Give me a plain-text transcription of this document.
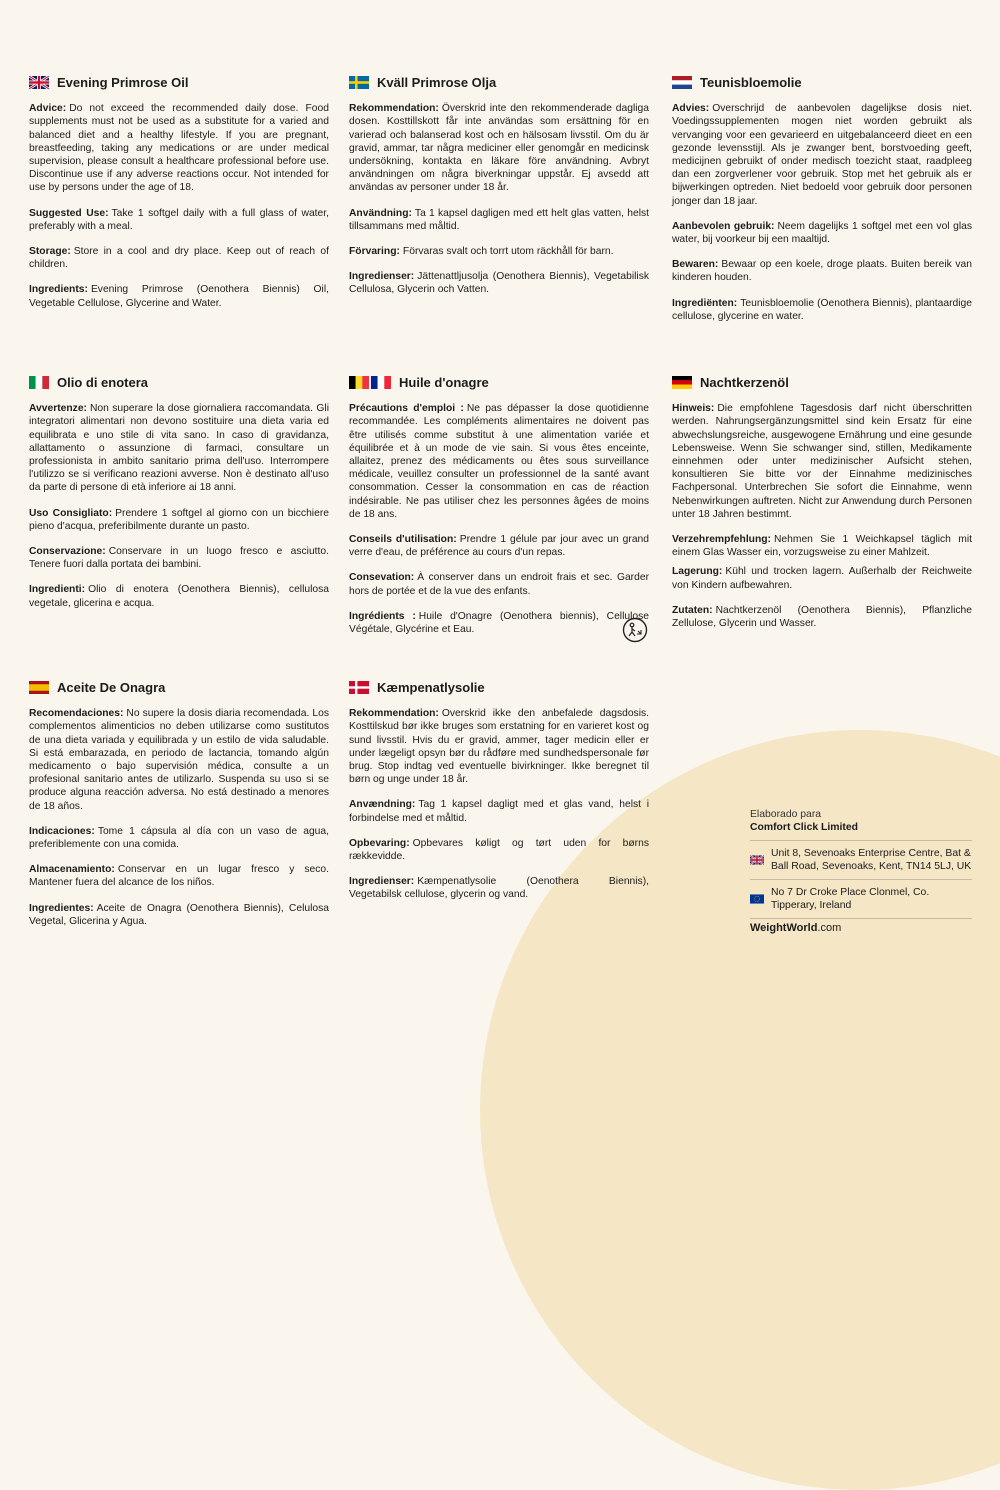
Evening Primrose Oil

Advice: Do not exceed the recommended daily dose. Food supplements must not be used as a substitute for a varied and balanced diet and a healthy lifestyle. If you are pregnant, breastfeeding, taking any medications or are under medical supervision, please consult a healthcare professional before use. Discontinue use if any adverse reactions occur. Not intended for use by persons under the age of 18.

Suggested Use: Take 1 softgel daily with a full glass of water, preferably with a meal.

Storage: Store in a cool and dry place. Keep out of reach of children.

Ingredients: Evening Primrose (Oenothera Biennis) Oil, Vegetable Cellulose, Glycerine and Water.

Kväll Primrose Olja

Rekommendation: Överskrid inte den rekommenderade dagliga dosen. Kosttillskott får inte användas som ersättning för en varierad och balanserad kost och en hälsosam livsstil. Om du är gravid, ammar, tar några mediciner eller genomgår en medicinsk undersökning, kontakta en läkare före användning. Avbryt användningen om några biverkningar uppstår. Ej avsedd att användas av personer under 18 år.

Användning: Ta 1 kapsel dagligen med ett helt glas vatten, helst tillsammans med måltid.

Förvaring: Förvaras svalt och torrt utom räckhåll för barn.

Ingredienser: Jättenattljusolja (Oenothera Biennis), Vegetabilisk Cellulosa, Glycerin och Vatten.

Teunisbloemolie

Advies: Overschrijd de aanbevolen dagelijkse dosis niet. Voedingssupplementen mogen niet worden gebruikt als vervanging voor een gevarieerd en uitgebalanceerd dieet en een gezonde levensstijl. Als je zwanger bent, borstvoeding geeft, medicijnen gebruikt of onder medisch toezicht staat, raadpleeg dan een zorgverlener voor gebruik. Stop met het gebruik als er bijwerkingen optreden. Niet bedoeld voor gebruik door personen jonger dan 18 jaar.

Aanbevolen gebruik: Neem dagelijks 1 softgel met een vol glas water, bij voorkeur bij een maaltijd.

Bewaren: Bewaar op een koele, droge plaats. Buiten bereik van kinderen houden.

Ingrediënten: Teunisbloemolie (Oenothera Biennis), plantaardige cellulose, glycerine en water.

Olio di enotera

Avvertenze: Non superare la dose giornaliera raccomandata. Gli integratori alimentari non devono sostituire una dieta varia ed equilibrata e uno stile di vita sano. In caso di gravidanza, allattamento o assunzione di farmaci, consultare un professionista in ambito sanitario prima dell'uso. Interrompere l'utilizzo se si verificano reazioni avverse. Non è destinato all'uso da parte di persone di età inferiore ai 18 anni.

Uso Consigliato: Prendere 1 softgel al giorno con un bicchiere pieno d'acqua, preferibilmente durante un pasto.

Conservazione: Conservare in un luogo fresco e asciutto. Tenere fuori dalla portata dei bambini.

Ingredienti: Olio di enotera (Oenothera Biennis), cellulosa vegetale, glicerina e acqua.

Huile d'onagre

Précautions d'emploi : Ne pas dépasser la dose quotidienne recommandée. Les compléments alimentaires ne doivent pas être utilisés comme substitut à une alimentation variée et équilibrée et à un mode de vie sain. Si vous êtes enceinte, allaitez, prenez des médicaments ou êtes sous surveillance médicale, veuillez consulter un professionnel de la santé avant consommation. Cesser la consommation en cas de réaction indésirable. Ne pas utiliser chez les personnes âgées de moins de 18 ans.

Conseils d'utilisation: Prendre 1 gélule par jour avec un grand verre d'eau, de préférence au cours d'un repas.

Consevation: À conserver dans un endroit frais et sec. Garder hors de portée et de la vue des enfants.

Ingrédients : Huile d'Onagre (Oenothera biennis), Cellulose Végétale, Glycérine et Eau.

Nachtkerzenöl

Hinweis: Die empfohlene Tagesdosis darf nicht überschritten werden. Nahrungsergänzungsmittel sind kein Ersatz für eine abwechslungsreiche, ausgewogene Ernährung und eine gesunde Lebensweise. Wenn Sie schwanger sind, stillen, Medikamente einnehmen oder unter medizinischer Aufsicht stehen, konsultieren Sie bitte vor der Einnahme medizinisches Fachpersonal. Unterbrechen Sie sofort die Einnahme, wenn Nebenwirkungen auftreten. Nicht zur Anwendung durch Personen unter 18 Jahren bestimmt.

Verzehrempfehlung: Nehmen Sie 1 Weichkapsel täglich mit einem Glas Wasser ein, vorzugsweise zu einer Mahlzeit.

Lagerung: Kühl und trocken lagern. Außerhalb der Reichweite von Kindern aufbewahren.

Zutaten: Nachtkerzenöl (Oenothera Biennis), Pflanzliche Zellulose, Glycerin und Wasser.

Aceite De Onagra

Recomendaciones: No supere la dosis diaria recomendada. Los complementos alimenticios no deben utilizarse como sustitutos de una dieta variada y equilibrada y un estilo de vida saludable. Si está embarazada, en periodo de lactancia, tomando algún medicamento o bajo supervisión médica, consulte a un profesional sanitario antes de utilizarlo. Suspenda su uso si se produce alguna reacción adversa. No está destinado a menores de 18 años.

Indicaciones: Tome 1 cápsula al día con un vaso de agua, preferiblemente con una comida.

Almacenamiento: Conservar en un lugar fresco y seco. Mantener fuera del alcance de los niños.

Ingredientes: Aceite de Onagra (Oenothera Biennis), Celulosa Vegetal, Glicerina y Agua.

Kæmpenatlysolie

Rekommendation: Overskrid ikke den anbefalede dagsdosis. Kosttilskud bør ikke bruges som erstatning for en varieret kost og sund livsstil. Hvis du er gravid, ammer, tager medicin eller er under lægeligt opsyn bør du rådføre med sundhedspersonale før brug. Stop indtag ved eventuelle bivirkninger. Ikke beregnet til børn og unge under 18 år.

Anvændning: Tag 1 kapsel dagligt med et glas vand, helst i forbindelse med et måltid.

Opbevaring: Opbevares køligt og tørt uden for børns rækkevidde.

Ingredienser: Kæmpenatlysolie (Oenothera Biennis), Vegetabilsk cellulose, glycerin og vand.

Elaborado para
Comfort Click Limited
Unit 8, Sevenoaks Enterprise Centre, Bat & Ball Road, Sevenoaks, Kent, TN14 5LJ, UK
No 7 Dr Croke Place Clonmel, Co. Tipperary, Ireland
WeightWorld.com
